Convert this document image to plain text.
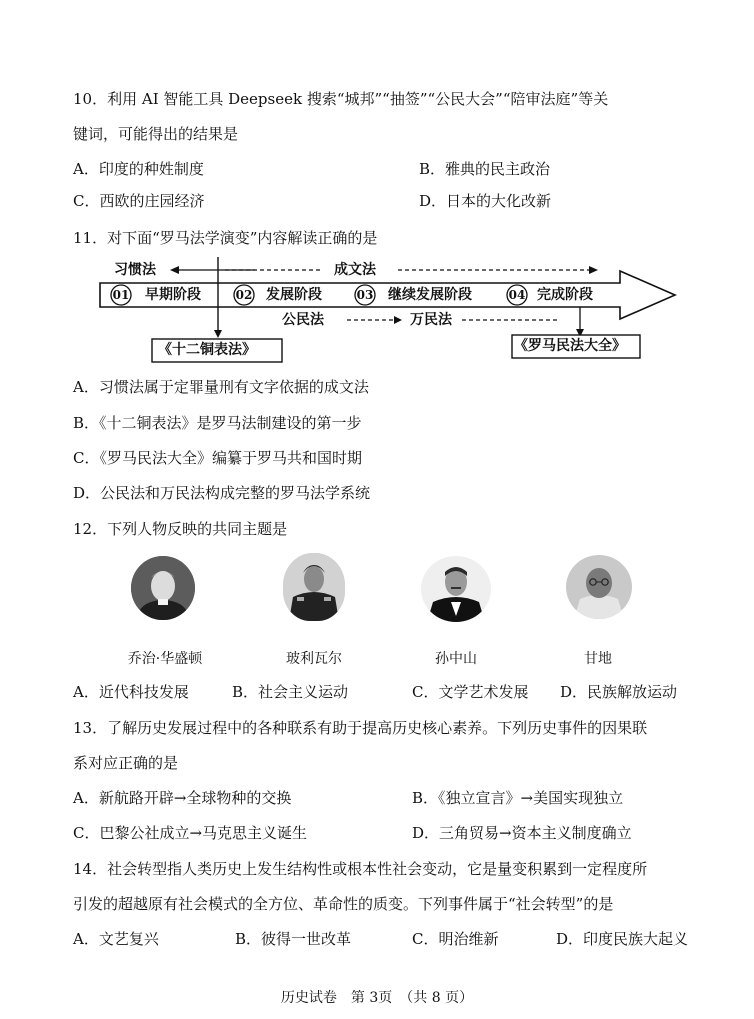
10．利用 AI 智能工具 Deepseek 搜索“城邦”“抽签”“公民大会”“陪审法庭”等关
键词，可能得出的结果是
A．印度的种姓制度	B．雅典的民主政治
C．西欧的庄园经济	D．日本的大化改新
11．对下面“罗马法学演变”内容解读正确的是
习惯法	成文法
01 早期阶段	02 发展阶段	03 继续发展阶段	04 完成阶段
公民法	万民法
《十二铜表法》	《罗马民法大全》
A．习惯法属于定罪量刑有文字依据的成文法
B．《十二铜表法》是罗马法制建设的第一步
C．《罗马民法大全》编纂于罗马共和国时期
D．公民法和万民法构成完整的罗马法学系统
12．下列人物反映的共同主题是
乔治·华盛顿	玻利瓦尔	孙中山	甘地
A．近代科技发展	B．社会主义运动	C．文学艺术发展 D．民族解放运动
13．了解历史发展过程中的各种联系有助于提高历史核心素养。下列历史事件的因果联
系对应正确的是
A．新航路开辟→全球物种的交换	B．《独立宣言》→美国实现独立
C．巴黎公社成立→马克思主义诞生	D．三角贸易→资本主义制度确立
14．社会转型指人类历史上发生结构性或根本性社会变动，它是量变积累到一定程度所
引发的超越原有社会模式的全方位、革命性的质变。下列事件属于“社会转型”的是
A．文艺复兴	B．彼得一世改革	C．明治维新	D．印度民族大起义
历史试卷　第 3页　（共 8 页）
